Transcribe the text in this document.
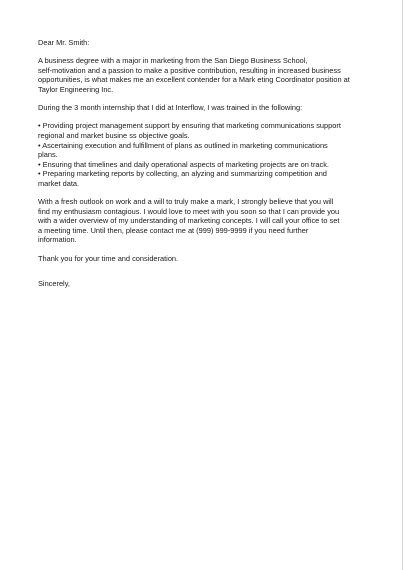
Dear Mr. Smith:

A business degree with a major in marketing from the San Diego Business School,
self-motivation and a passion to make a positive contribution, resulting in increased business
opportunities, is what makes me an excellent contender for a Mark eting Coordinator position at
Taylor Engineering Inc.

During the 3 month internship that I did at Interflow, I was trained in the following:

• Providing project management support by ensuring that marketing communications support
regional and market busine ss objective goals.
• Ascertaining execution and fulfillment of plans as outlined in marketing communications
plans.
• Ensuring that timelines and daily operational aspects of marketing projects are on track.
• Preparing marketing reports by collecting, an alyzing and summarizing competition and
market data.

With a fresh outlook on work and a will to truly make a mark, I strongly believe that you will
find my enthusiasm contagious. I would love to meet with you soon so that I can provide you
with a wider overview of my understanding of marketing concepts. I will call your office to set
a meeting time. Until then, please contact me at (999) 999-9999 if you need further
information.

Thank you for your time and consideration.

Sincerely,
